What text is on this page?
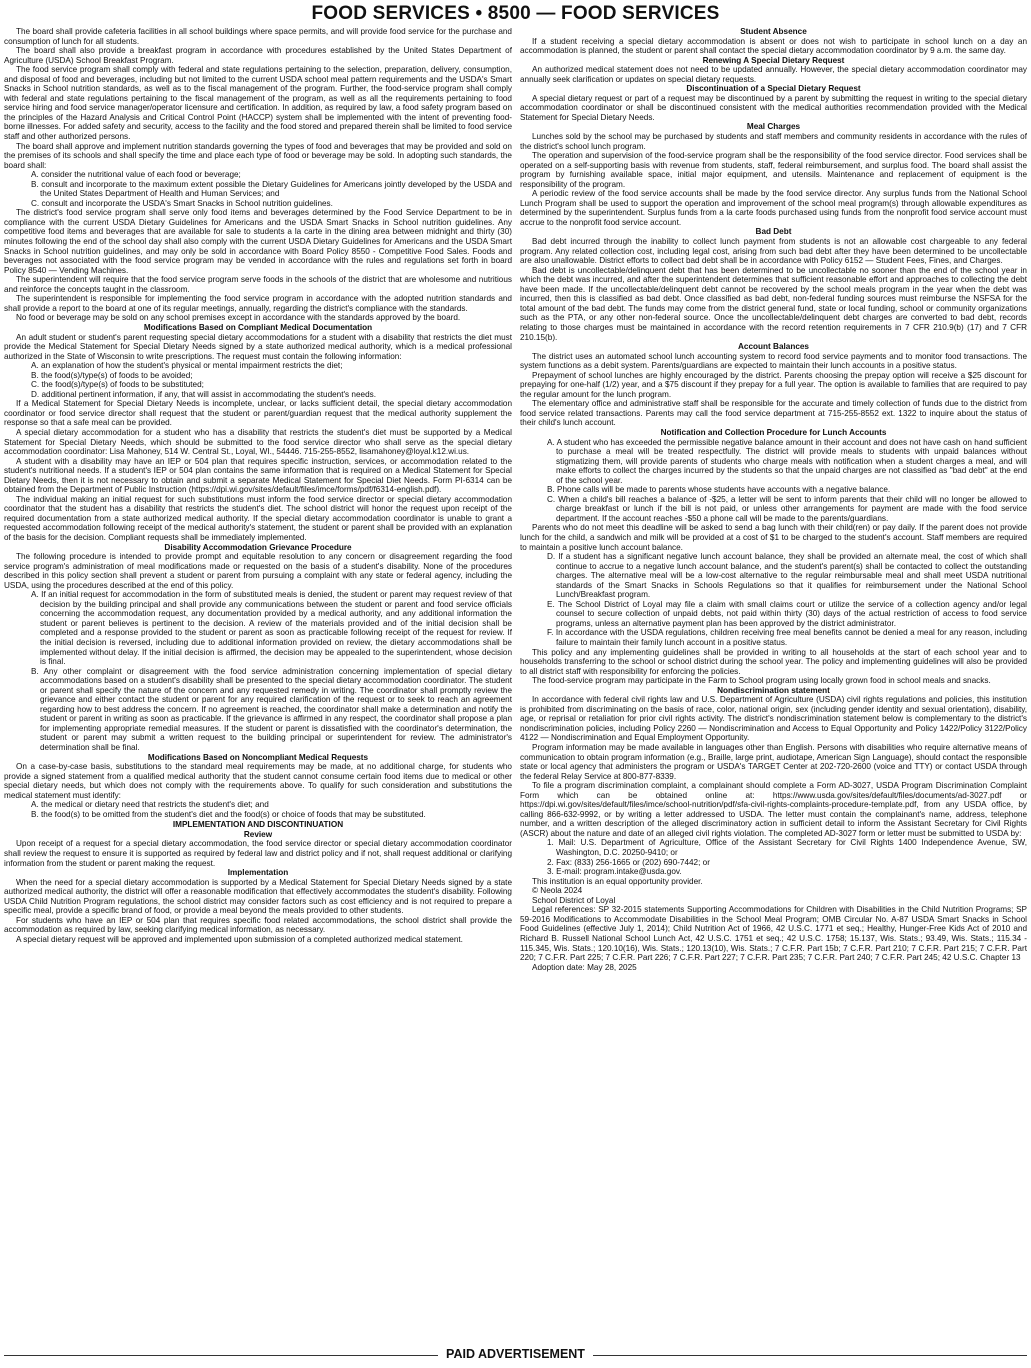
FOOD SERVICES • 8500 — FOOD SERVICES

The board shall provide cafeteria facilities in all school buildings where space permits, and will provide food service for the purchase and consumption of lunch for all students.

The board shall also provide a breakfast program in accordance with procedures established by the United States Department of Agriculture (USDA) School Breakfast Program.

The food service program shall comply with federal and state regulations pertaining to the selection, preparation, delivery, consumption, and disposal of food and beverages, including but not limited to the current USDA school meal pattern requirements and the USDA's Smart Snacks in School nutrition standards, as well as to the fiscal management of the program. Further, the food-service program shall comply with federal and state regulations pertaining to the fiscal management of the program, as well as all the requirements pertaining to food service hiring and food service manager/operator licensure and certification. In addition, as required by law, a food safety program based on the principles of the Hazard Analysis and Critical Control Point (HACCP) system shall be implemented with the intent of preventing food-borne illnesses. For added safety and security, access to the facility and the food stored and prepared therein shall be limited to food service staff and other authorized persons.

The board shall approve and implement nutrition standards governing the types of food and beverages that may be provided and sold on the premises of its schools and shall specify the time and place each type of food or beverage may be sold. In adopting such standards, the board shall:

A. consider the nutritional value of each food or beverage;
B. consult and incorporate to the maximum extent possible the Dietary Guidelines for Americans jointly developed by the USDA and the United States Department of Health and Human Services; and
C. consult and incorporate the USDA's Smart Snacks in School nutrition guidelines.

The district's food service program shall serve only food items and beverages determined by the Food Service Department to be in compliance with the current USDA Dietary Guidelines for Americans and the USDA Smart Snacks in School nutrition guidelines. Any competitive food items and beverages that are available for sale to students a la carte in the dining area between midnight and thirty (30) minutes following the end of the school day shall also comply with the current USDA Dietary Guidelines for Americans and the USDA Smart Snacks in School nutrition guidelines, and may only be sold in accordance with Board Policy 8550 - Competitive Food Sales. Foods and beverages not associated with the food service program may be vended in accordance with the rules and regulations set forth in board Policy 8540 — Vending Machines.

The superintendent will require that the food service program serve foods in the schools of the district that are wholesome and nutritious and reinforce the concepts taught in the classroom.

The superintendent is responsible for implementing the food service program in accordance with the adopted nutrition standards and shall provide a report to the board at one of its regular meetings, annually, regarding the district's compliance with the standards.

No food or beverage may be sold on any school premises except in accordance with the standards approved by the board.

Modifications Based on Compliant Medical Documentation

An adult student or student's parent requesting special dietary accommodations for a student with a disability that restricts the diet must provide the Medical Statement for Special Dietary Needs signed by a state authorized medical authority, which is a medical professional authorized in the State of Wisconsin to write prescriptions. The request must contain the following information:

A. an explanation of how the student's physical or mental impairment restricts the diet;
B. the food(s)/type(s) of foods to be avoided;
C. the food(s)/type(s) of foods to be substituted;
D. additional pertinent information, if any, that will assist in accommodating the student's needs.

If a Medical Statement for Special Dietary Needs is incomplete, unclear, or lacks sufficient detail, the special dietary accommodation coordinator or food service director shall request that the student or parent/guardian request that the medical authority supplement the response so that a safe meal can be provided.

A special dietary accommodation for a student who has a disability that restricts the student's diet must be supported by a Medical Statement for Special Dietary Needs, which should be submitted to the food service director who shall serve as the special dietary accommodation coordinator: Lisa Mahoney, 514 W. Central St., Loyal, WI., 54446. 715-255-8552, lisamahoney@loyal.k12.wi.us.

A student with a disability may have an IEP or 504 plan that requires specific instruction, services, or accommodation related to the student's nutritional needs. If a student's IEP or 504 plan contains the same information that is required on a Medical Statement for Special Dietary Needs, then it is not necessary to obtain and submit a separate Medical Statement for Special Diet Needs. Form PI-6314 can be obtained from the Department of Public Instruction (https://dpi.wi.gov/sites/default/files/imce/forms/pdf/f6314-english.pdf).

The individual making an initial request for such substitutions must inform the food service director or special dietary accommodation coordinator that the student has a disability that restricts the student's diet. The school district will honor the request upon receipt of the required documentation from a state authorized medical authority. If the special dietary accommodation coordinator is unable to grant a requested accommodation following receipt of the medical authority's statement, the student or parent shall be provided with an explanation of the basis for the decision. Compliant requests shall be immediately implemented.

Disability Accommodation Grievance Procedure

The following procedure is intended to provide prompt and equitable resolution to any concern or disagreement regarding the food service program's administration of meal modifications made or requested on the basis of a student's disability. None of the procedures described in this policy section shall prevent a student or parent from pursuing a complaint with any state or federal agency, including the USDA, using the procedures described at the end of this policy.

A. If an initial request for accommodation in the form of substituted meals is denied, the student or parent may request review of that decision by the building principal and shall provide any communications between the student or parent and food service officials concerning the accommodation request, any documentation provided by a medical authority, and any additional information the student or parent believes is pertinent to the decision. A review of the materials provided and of the initial decision shall be completed and a response provided to the student or parent as soon as practicable following receipt of the request for review. If the initial decision is reversed, including due to additional information provided on review, the dietary accommodations shall be implemented without delay. If the initial decision is affirmed, the decision may be appealed to the superintendent, whose decision is final.
B. Any other complaint or disagreement with the food service administration concerning implementation of special dietary accommodations based on a student's disability shall be presented to the special dietary accommodation coordinator. The student or parent shall specify the nature of the concern and any requested remedy in writing. The coordinator shall promptly review the grievance and either contact the student or parent for any required clarification of the request or to seek to reach an agreement regarding how to best address the concern. If no agreement is reached, the coordinator shall make a determination and notify the student or parent in writing as soon as practicable. If the grievance is affirmed in any respect, the coordinator shall propose a plan for implementing appropriate remedial measures. If the student or parent is dissatisfied with the coordinator's determination, the student or parent may submit a written request to the building principal or superintendent for review. The administrator's determination shall be final.

Modifications Based on Noncompliant Medical Requests

On a case-by-case basis, substitutions to the standard meal requirements may be made, at no additional charge, for students who provide a signed statement from a qualified medical authority that the student cannot consume certain food items due to medical or other special dietary needs, but which does not comply with the requirements above. To qualify for such consideration and substitutions the medical statement must identify:

A. the medical or dietary need that restricts the student's diet; and
B. the food(s) to be omitted from the student's diet and the food(s) or choice of foods that may be substituted.

IMPLEMENTATION AND DISCONTINUATION

Review

Upon receipt of a request for a special dietary accommodation, the food service director or special dietary accommodation coordinator shall review the request to ensure it is supported as required by federal law and district policy and if not, shall request additional or clarifying information from the student or parent making the request.

Implementation

When the need for a special dietary accommodation is supported by a Medical Statement for Special Dietary Needs signed by a state authorized medical authority, the district will offer a reasonable modification that effectively accommodates the student's disability. Following USDA Child Nutrition Program regulations, the school district may consider factors such as cost efficiency and is not required to prepare a specific meal, provide a specific brand of food, or provide a meal beyond the meals provided to other students.

For students who have an IEP or 504 plan that requires specific food related accommodations, the school district shall provide the accommodation as required by law, seeking clarifying medical information, as necessary.

A special dietary request will be approved and implemented upon submission of a completed authorized medical statement.

Student Absence

If a student receiving a special dietary accommodation is absent or does not wish to participate in school lunch on a day an accommodation is planned, the student or parent shall contact the special dietary accommodation coordinator by 9 a.m. the same day.

Renewing A Special Dietary Request

An authorized medical statement does not need to be updated annually. However, the special dietary accommodation coordinator may annually seek clarification or updates on special dietary requests.

Discontinuation of a Special Dietary Request

A special dietary request or part of a request may be discontinued by a parent by submitting the request in writing to the special dietary accommodation coordinator or shall be discontinued consistent with the medical authorities recommendation provided with the Medical Statement for Special Dietary Needs.

Meal Charges

Lunches sold by the school may be purchased by students and staff members and community residents in accordance with the rules of the district's school lunch program.

The operation and supervision of the food-service program shall be the responsibility of the food service director. Food services shall be operated on a self-supporting basis with revenue from students, staff, federal reimbursement, and surplus food. The board shall assist the program by furnishing available space, initial major equipment, and utensils. Maintenance and replacement of equipment is the responsibility of the program.

A periodic review of the food service accounts shall be made by the food service director. Any surplus funds from the National School Lunch Program shall be used to support the operation and improvement of the school meal program(s) through allowable expenditures as determined by the superintendent. Surplus funds from a la carte foods purchased using funds from the nonprofit food service account must accrue to the nonprofit food service account.

Bad Debt

Bad debt incurred through the inability to collect lunch payment from students is not an allowable cost chargeable to any federal program. Any related collection cost, including legal cost, arising from such bad debt after they have been determined to be uncollectable are also unallowable. District efforts to collect bad debt shall be in accordance with Policy 6152 — Student Fees, Fines, and Charges.

Bad debt is uncollectable/delinquent debt that has been determined to be uncollectable no sooner than the end of the school year in which the debt was incurred, and after the superintendent determines that sufficient reasonable effort and approaches to collecting the debt have been made. If the uncollectable/delinquent debt cannot be recovered by the school meals program in the year when the debt was incurred, then this is classified as bad debt. Once classified as bad debt, non-federal funding sources must reimburse the NSFSA for the total amount of the bad debt. The funds may come from the district general fund, state or local funding, school or community organizations such as the PTA, or any other non-federal source. Once the uncollectable/delinquent debt charges are converted to bad debt, records relating to those charges must be maintained in accordance with the record retention requirements in 7 CFR 210.9(b) (17) and 7 CFR 210.15(b).

Account Balances

The district uses an automated school lunch accounting system to record food service payments and to monitor food transactions. The system functions as a debit system. Parents/guardians are expected to maintain their lunch accounts in a positive status.

Prepayment of school lunches are highly encouraged by the district. Parents choosing the prepay option will receive a $25 discount for prepaying for one-half (1/2) year, and a $75 discount if they prepay for a full year. The option is available to families that are required to pay the regular amount for the lunch program.

The elementary office and administrative staff shall be responsible for the accurate and timely collection of funds due to the district from food service related transactions. Parents may call the food service department at 715-255-8552 ext. 1322 to inquire about the status of their child's lunch account.

Notification and Collection Procedure for Lunch Accounts

A. A student who has exceeded the permissible negative balance amount in their account and does not have cash on hand sufficient to purchase a meal will be treated respectfully. The district will provide meals to students with unpaid balances without stigmatizing them, will provide parents of students who charge meals with notification when a student charges a meal, and will make efforts to collect the charges incurred by the students so that the unpaid charges are not classified as "bad debt" at the end of the school year.
B. Phone calls will be made to parents whose students have accounts with a negative balance.
C. When a child's bill reaches a balance of -$25, a letter will be sent to inform parents that their child will no longer be allowed to charge breakfast or lunch if the bill is not paid, or unless other arrangements for payment are made with the food service department. If the account reaches -$50 a phone call will be made to the parents/guardians.

Parents who do not meet this deadline will be asked to send a bag lunch with their child(ren) or pay daily. If the parent does not provide lunch for the child, a sandwich and milk will be provided at a cost of $1 to be charged to the student's account. Staff members are required to maintain a positive lunch account balance.

D. If a student has a significant negative lunch account balance, they shall be provided an alternate meal, the cost of which shall continue to accrue to a negative lunch account balance, and the student's parent(s) shall be contacted to collect the outstanding charges. The alternative meal will be a low-cost alternative to the regular reimbursable meal and shall meet USDA nutritional standards of the Smart Snacks in Schools Regulations so that it qualifies for reimbursement under the National School Lunch/Breakfast program.
E. The School District of Loyal may file a claim with small claims court or utilize the service of a collection agency and/or legal counsel to secure collection of unpaid debts, not paid within thirty (30) days of the actual restriction of access to food service programs, unless an alternative payment plan has been approved by the district administrator.
F. In accordance with the USDA regulations, children receiving free meal benefits cannot be denied a meal for any reason, including failure to maintain their family lunch account in a positive status.

This policy and any implementing guidelines shall be provided in writing to all households at the start of each school year and to households transferring to the school or school district during the school year. The policy and implementing guidelines will also be provided to all district staff with responsibility for enforcing the policies.

The food-service program may participate in the Farm to School program using locally grown food in school meals and snacks.

Nondiscrimination statement

In accordance with federal civil rights law and U.S. Department of Agriculture (USDA) civil rights regulations and policies, this institution is prohibited from discriminating on the basis of race, color, national origin, sex (including gender identity and sexual orientation), disability, age, or reprisal or retaliation for prior civil rights activity. The district's nondiscrimination statement below is complementary to the district's nondiscrimination policies, including Policy 2260 — Nondiscrimination and Access to Equal Opportunity and Policy 1422/Policy 3122/Policy 4122 — Nondiscrimination and Equal Employment Opportunity.

Program information may be made available in languages other than English. Persons with disabilities who require alternative means of communication to obtain program information (e.g., Braille, large print, audiotape, American Sign Language), should contact the responsible state or local agency that administers the program or USDA's TARGET Center at 202-720-2600 (voice and TTY) or contact USDA through the federal Relay Service at 800-877-8339.

To file a program discrimination complaint, a complainant should complete a Form AD-3027, USDA Program Discrimination Complaint Form which can be obtained online at: https://www.usda.gov/sites/default/files/documents/ad-3027.pdf or https://dpi.wi.gov/sites/default/files/imce/school-nutrition/pdf/sfa-civil-rights-complaints-procedure-template.pdf, from any USDA office, by calling 866-632-9992, or by writing a letter addressed to USDA. The letter must contain the complainant's name, address, telephone number, and a written description of the alleged discriminatory action in sufficient detail to inform the Assistant Secretary for Civil Rights (ASCR) about the nature and date of an alleged civil rights violation. The completed AD-3027 form or letter must be submitted to USDA by:

1. Mail: U.S. Department of Agriculture, Office of the Assistant Secretary for Civil Rights 1400 Independence Avenue, SW, Washington, D.C. 20250-9410; or
2. Fax: (833) 256-1665 or (202) 690-7442; or
3. E-mail: program.intake@usda.gov.

This institution is an equal opportunity provider.

© Neola 2024

School District of Loyal

Legal references: SP 32-2015 statements Supporting Accommodations for Children with Disabilities in the Child Nutrition Programs; SP 59-2016 Modifications to Accommodate Disabilities in the School Meal Program; OMB Circular No. A-87 USDA Smart Snacks in School Food Guidelines (effective July 1, 2014); Child Nutrition Act of 1966, 42 U.S.C. 1771 et seq.; Healthy, Hunger-Free Kids Act of 2010 and Richard B. Russell National School Lunch Act, 42 U.S.C. 1751 et seq.; 42 U.S.C. 1758; 15.137, Wis. Stats.; 93.49, Wis. Stats.; 115.34 - 115.345, Wis. Stats.; 120.10(16), Wis. Stats.; 120.13(10), Wis. Stats.; 7 C.F.R. Part 15b; 7 C.F.R. Part 210; 7 C.F.R. Part 215; 7 C.F.R. Part 220; 7 C.F.R. Part 225; 7 C.F.R. Part 226; 7 C.F.R. Part 227; 7 C.F.R. Part 235; 7 C.F.R. Part 240; 7 C.F.R. Part 245; 42 U.S.C. Chapter 13

Adoption date: May 28, 2025

PAID ADVERTISEMENT
